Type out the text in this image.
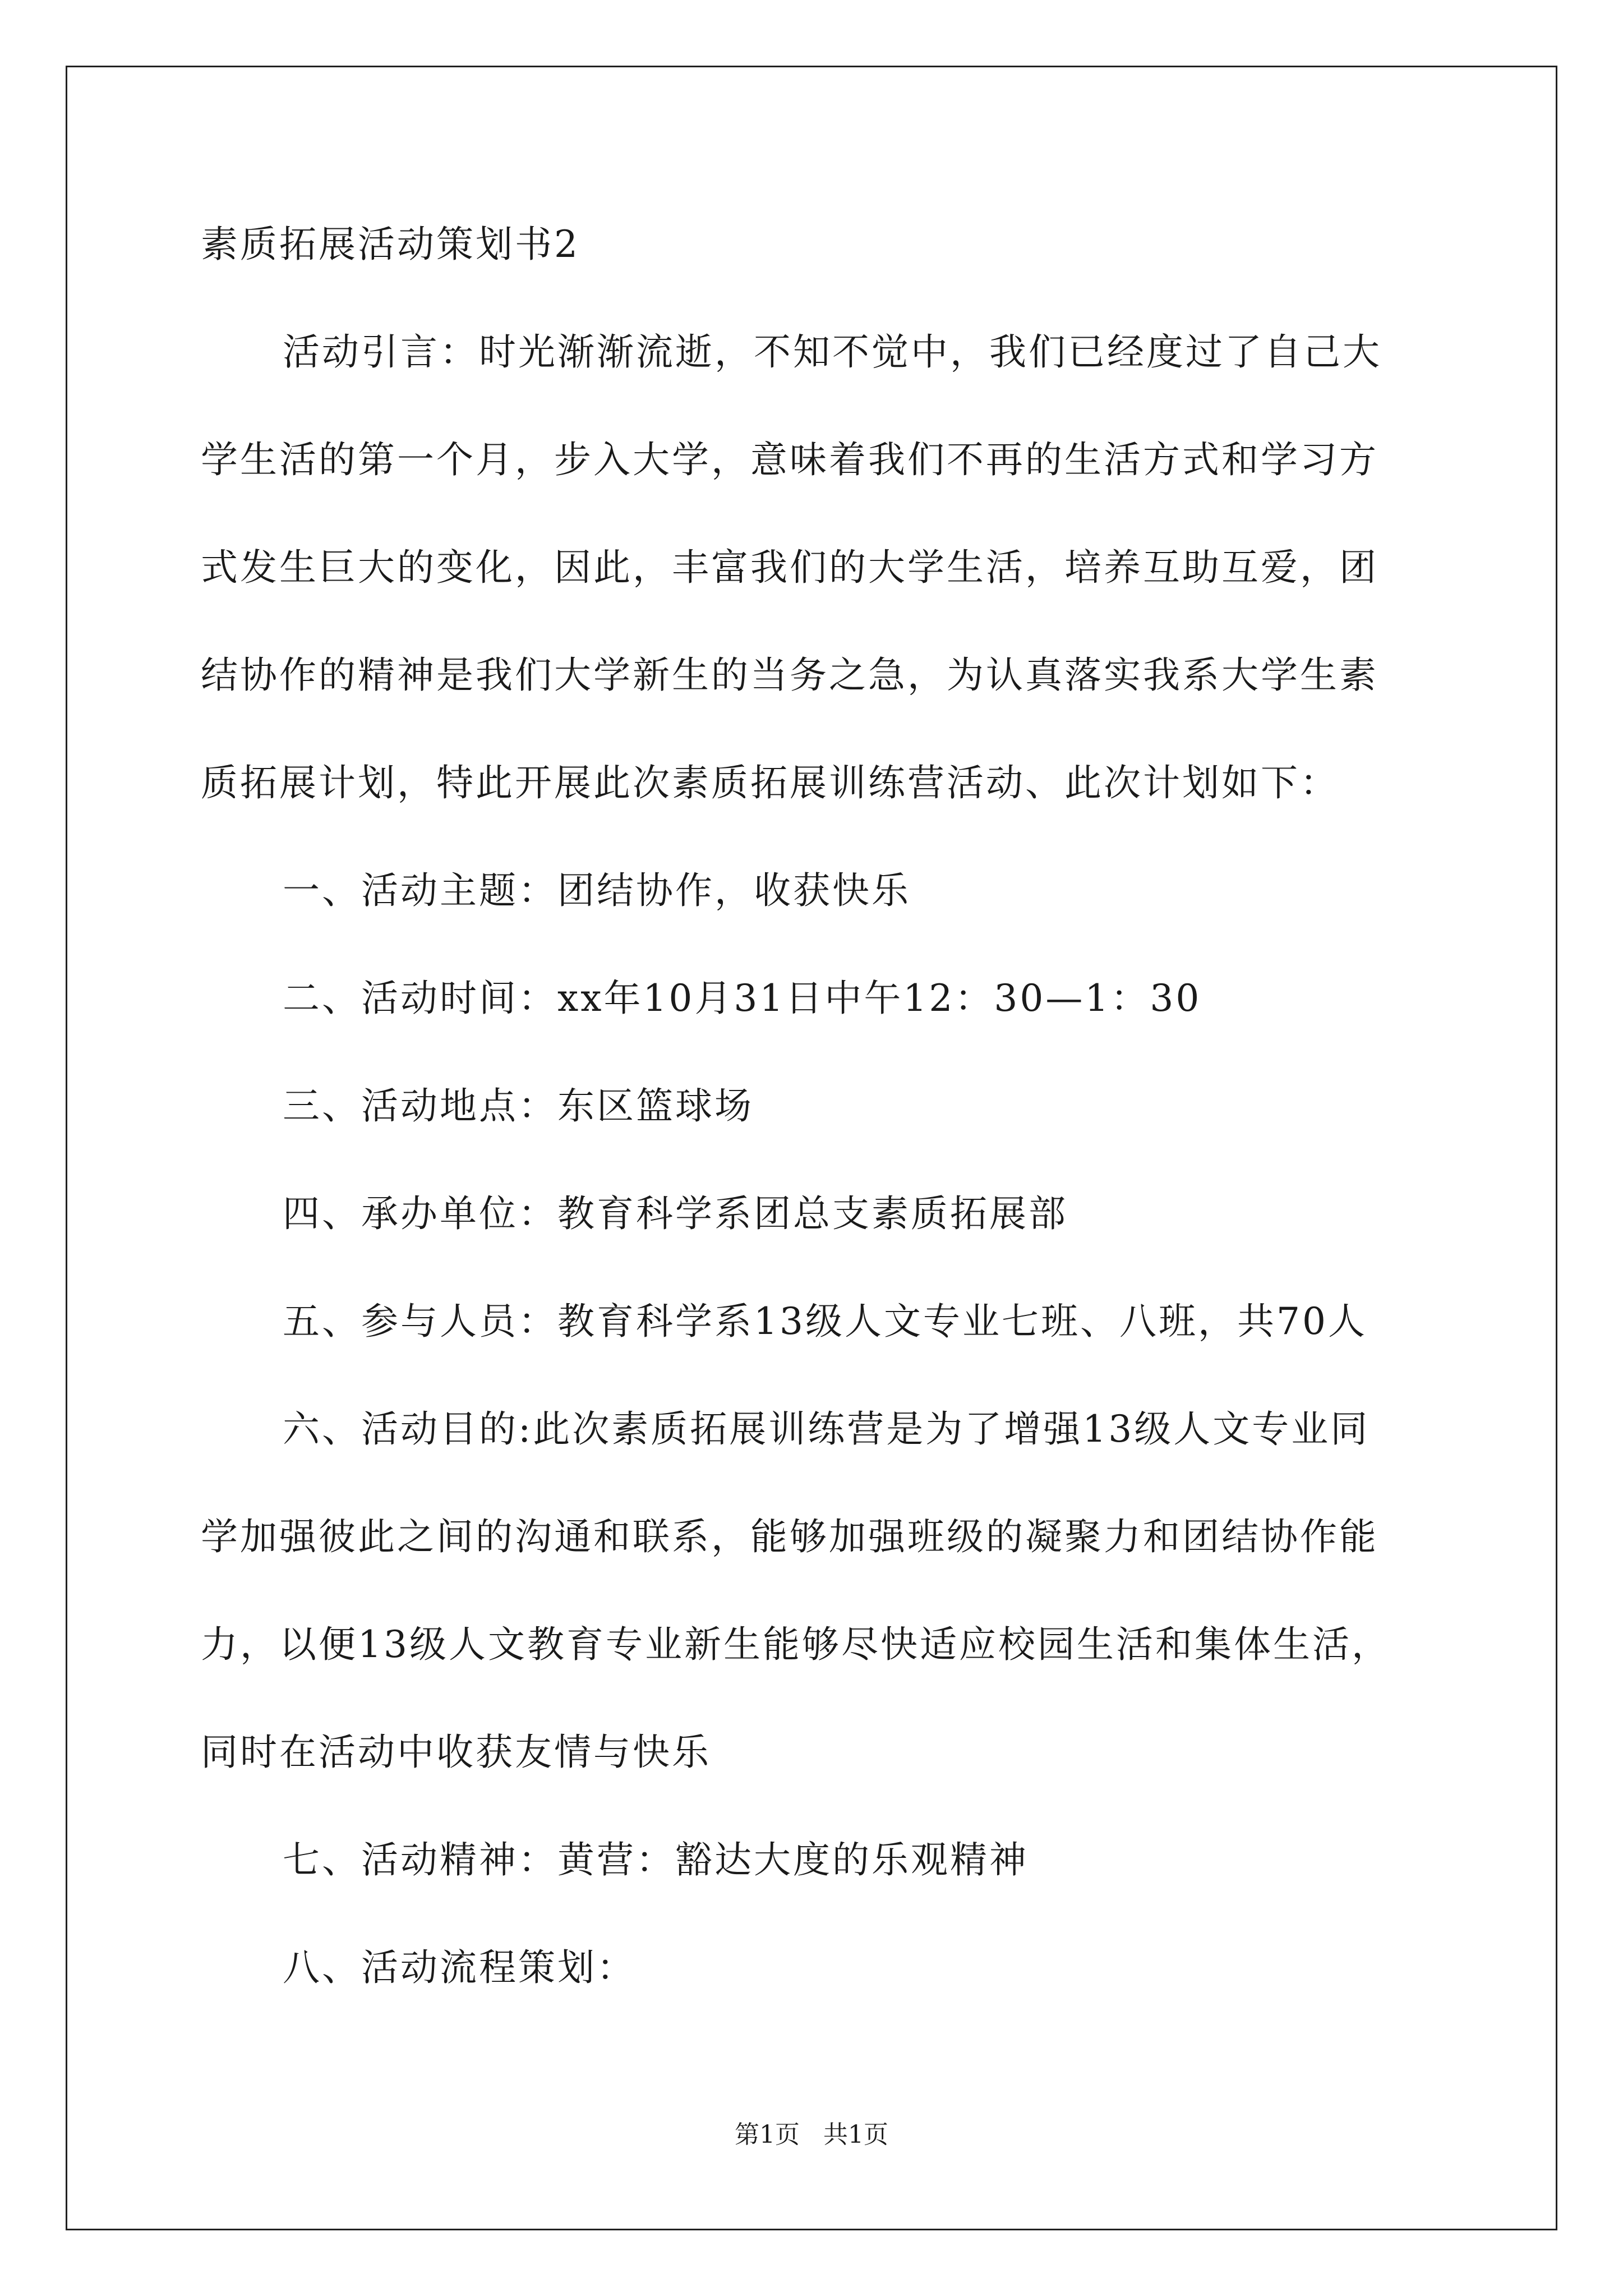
素质拓展活动策划书2

活动引言：时光渐渐流逝，不知不觉中，我们已经度过了自己大

学生活的第一个月，步入大学，意味着我们不再的生活方式和学习方

式发生巨大的变化，因此，丰富我们的大学生活，培养互助互爱，团

结协作的精神是我们大学新生的当务之急，为认真落实我系大学生素

质拓展计划，特此开展此次素质拓展训练营活动、此次计划如下：

一、活动主题：团结协作，收获快乐

二、活动时间：xx年10月31日中午12：30—1：30

三、活动地点：东区篮球场

四、承办单位：教育科学系团总支素质拓展部

五、参与人员：教育科学系13级人文专业七班、八班，共70人

六、活动目的:此次素质拓展训练营是为了增强13级人文专业同

学加强彼此之间的沟通和联系，能够加强班级的凝聚力和团结协作能

力，以便13级人文教育专业新生能够尽快适应校园生活和集体生活，

同时在活动中收获友情与快乐

七、活动精神：黄营：豁达大度的乐观精神

八、活动流程策划：

第1页   共1页
